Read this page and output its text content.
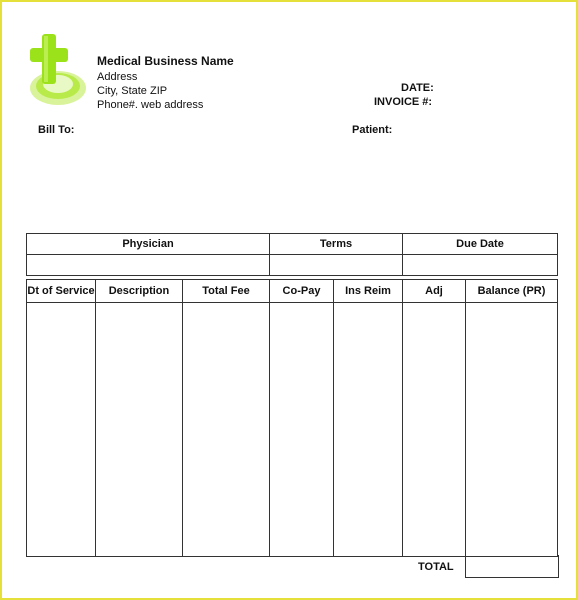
Medical Business Name
Address
City, State ZIP
Phone#. web address
DATE:
INVOICE #:
Bill To:	Patient:
Physician	Terms	Due Date

Dt of Service	Description	Total Fee	Co-Pay	Ins Reim	Adj	Balance (PR)

TOTAL
